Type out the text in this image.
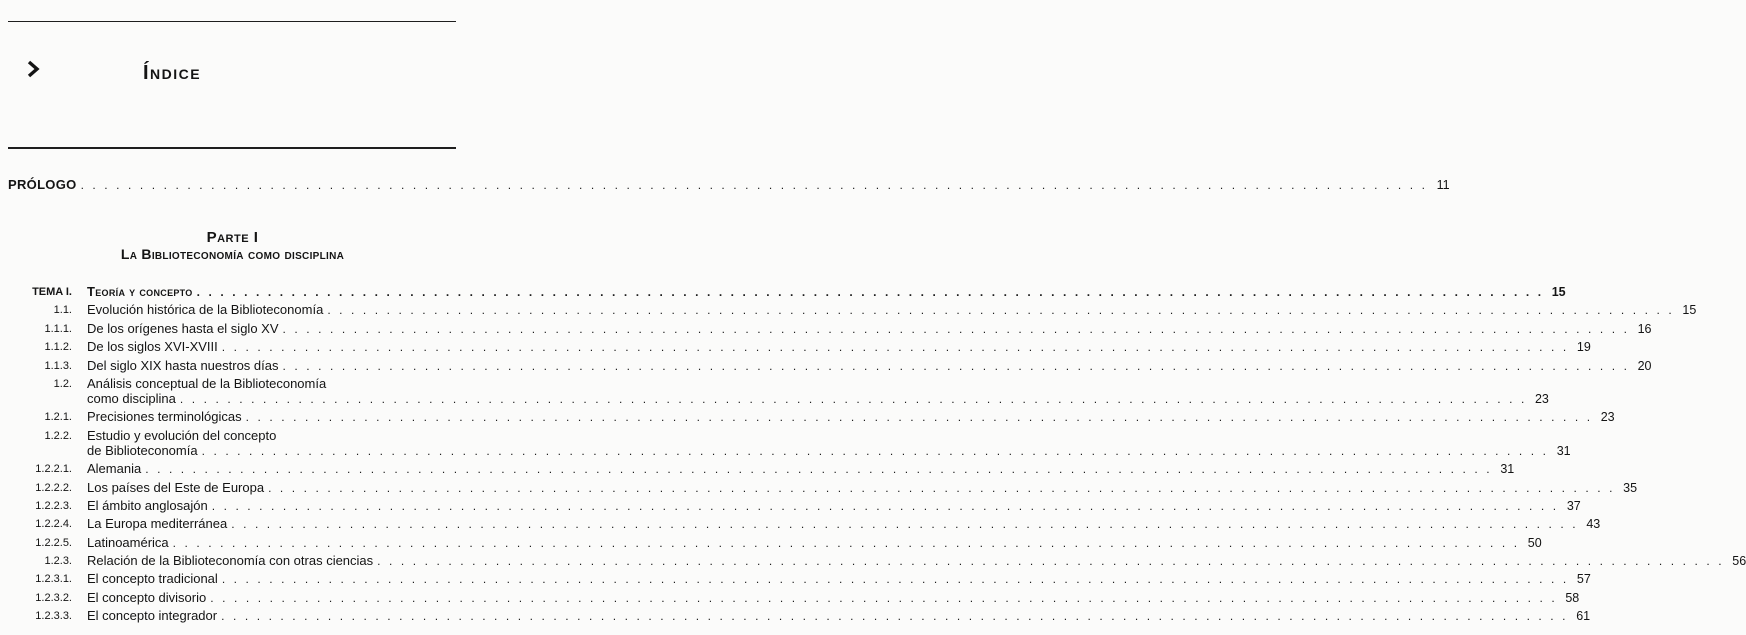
Índice
PRÓLOGO . . .	11
Parte I
La Biblioteconomía como disciplina
TEMA I. Teoría y concepto . . .	15
1.1. Evolución histórica de la Biblioteconomía . . .	15
1.1.1. De los orígenes hasta el siglo XV . . .	16
1.1.2. De los siglos XVI-XVIII . . .	19
1.1.3. Del siglo XIX hasta nuestros días . . .	20
1.2. Análisis conceptual de la Biblioteconomía
como disciplina . . .	23
1.2.1. Precisiones terminológicas . . .	23
1.2.2. Estudio y evolución del concepto
de Biblioteconomía . . .	31
1.2.2.1. Alemania . . .	31
1.2.2.2. Los países del Este de Europa . . .	35
1.2.2.3. El ámbito anglosajón . . .	37
1.2.2.4. La Europa mediterránea . . .	43
1.2.2.5. Latinoamérica . . .	50
1.2.3. Relación de la Biblioteconomía con otras ciencias . . .	56
1.2.3.1. El concepto tradicional . . .	57
1.2.3.2. El concepto divisorio . . .	58
1.2.3.3. El concepto integrador . . .	61
